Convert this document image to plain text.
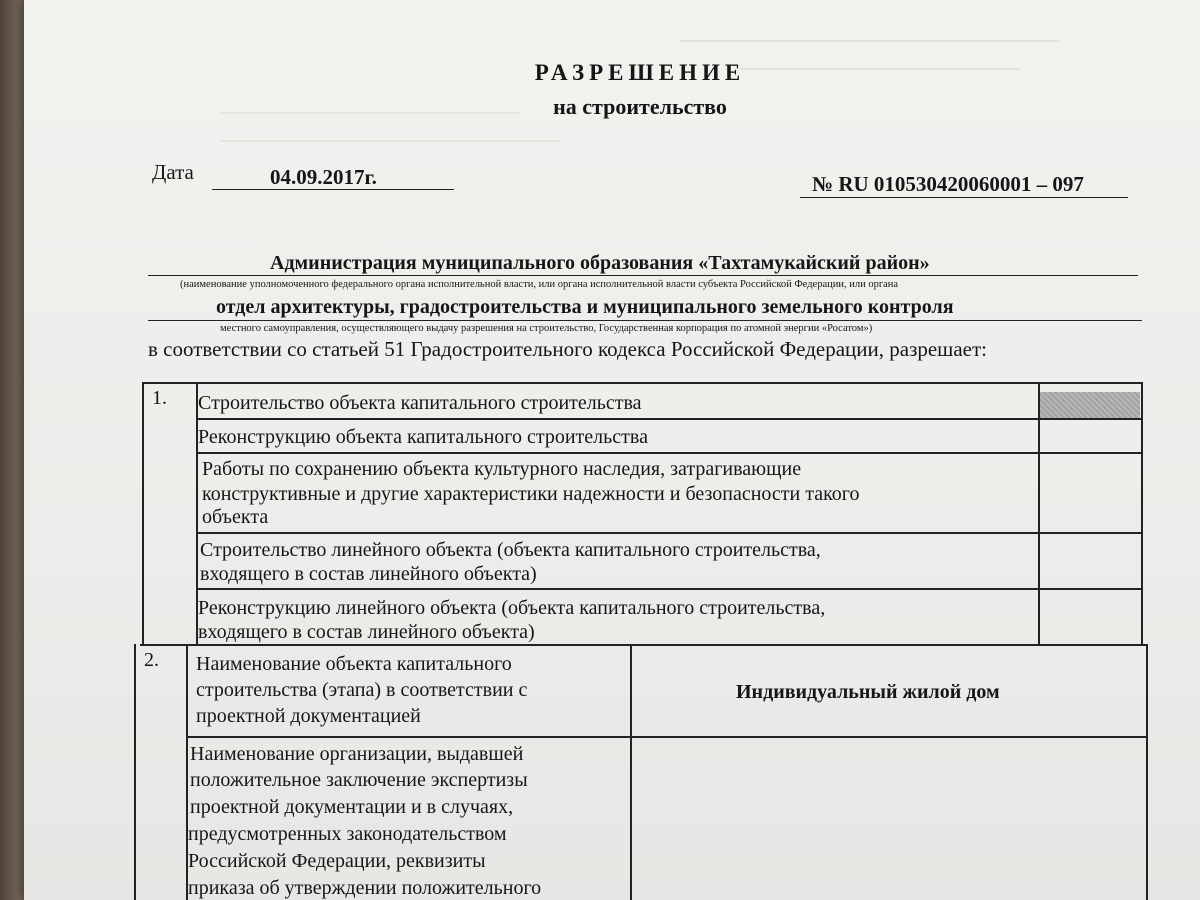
РАЗРЕШЕНИЕ
на строительство
Дата	04.09.2017г.	№ RU 010530420060001 – 097
Администрация муниципального образования «Тахтамукайский район»
(наименование уполномоченного федерального органа исполнительной власти, или органа исполнительной власти субъекта Российской Федерации, или органа
отдел архитектуры, градостроительства и муниципального земельного контроля
местного самоуправления, осуществляющего выдачу разрешения на строительство, Государственная корпорация по атомной энергии «Росатом»)
в соответствии со статьей 51 Градостроительного кодекса Российской Федерации, разрешает:
1. Строительство объекта капитального строительства
Реконструкцию объекта капитального строительства
Работы по сохранению объекта культурного наследия, затрагивающие
конструктивные и другие характеристики надежности и безопасности такого
объекта
Строительство линейного объекта (объекта капитального строительства,
входящего в состав линейного объекта)
Реконструкцию линейного объекта (объекта капитального строительства,
входящего в состав линейного объекта)
2. Наименование объекта капитального
строительства (этапа) в соответствии с
проектной документацией
Индивидуальный жилой дом
Наименование организации, выдавшей
положительное заключение экспертизы
проектной документации и в случаях,
предусмотренных законодательством
Российской Федерации, реквизиты
приказа об утверждении положительного
